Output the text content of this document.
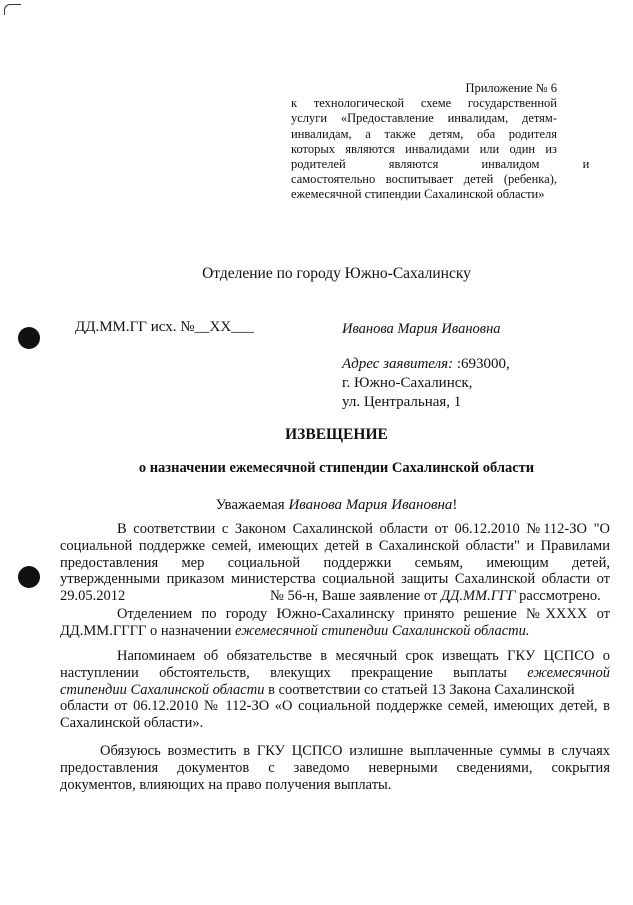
Приложение № 6
к технологической схеме государственной
услуги «Предоставление инвалидам, детям-
инвалидам, а также детям, оба родителя
которых являются инвалидами или один из
родителей являются инвалидом и
самостоятельно воспитывает детей (ребенка),
ежемесячной стипендии Сахалинской области»
Отделение по городу Южно-Сахалинску
ДД.ММ.ГГ исх. №__ХХ___	Иванова Мария Ивановна
Адрес заявителя: :693000,
г. Южно-Сахалинск,
ул. Центральная, 1
ИЗВЕЩЕНИЕ
о назначении ежемесячной стипендии Сахалинской области
Уважаемая Иванова Мария Ивановна!
В соответствии с Законом Сахалинской области от 06.12.2010 №112-ЗО "О
социальной поддержке семей, имеющих детей в Сахалинской области" и Правилами
предоставления мер социальной поддержки семьям, имеющим детей,
утвержденными приказом министерства социальной защиты Сахалинской области от
29.05.2012	№ 56-н, Ваше заявление от ДД.ММ.ГГГ рассмотрено.
Отделением по городу Южно-Сахалинску принято решение №ХХХХ от
ДД.ММ.ГГГГ о назначении ежемесячной стипендии Сахалинской области.
Напоминаем об обязательстве в месячный срок извещать ГКУ ЦСПСО о
наступлении обстоятельств, влекущих прекращение выплаты ежемесячной
стипендии Сахалинской области в соответствии со статьей 13 Закона Сахалинской
области от 06.12.2010 № 112-ЗО «О социальной поддержке семей, имеющих детей, в
Сахалинской области».
Обязуюсь возместить в ГКУ ЦСПСО излишне выплаченные суммы в случаях
предоставления документов с заведомо неверными сведениями, сокрытия
документов, влияющих на право получения выплаты.
